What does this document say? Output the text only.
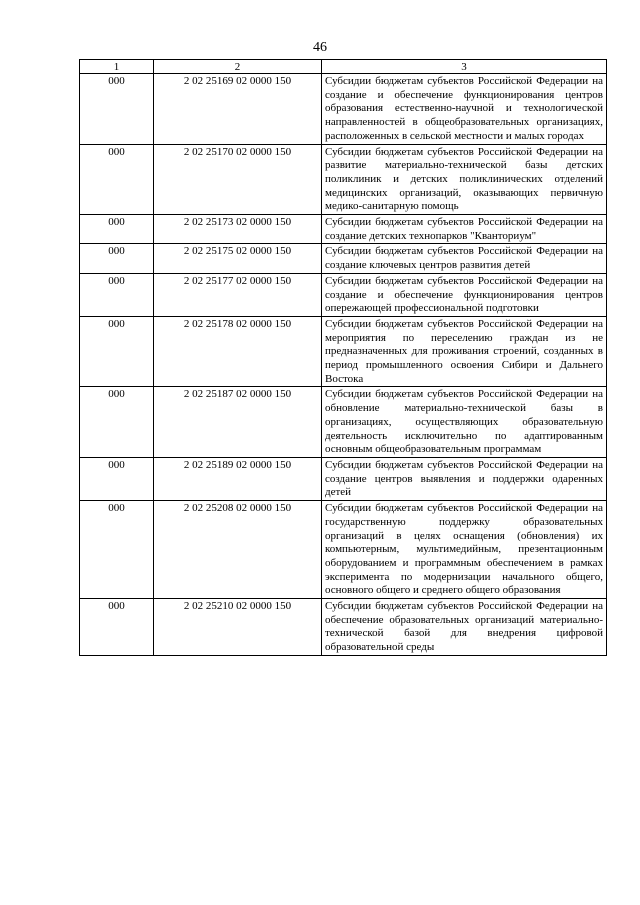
46
1	2	3
000	2 02 25169 02 0000 150	Субсидии бюджетам субъектов Российской Федерации на создание и обеспечение функционирования центров образования естественно-научной и технологической направленностей в общеобразовательных организациях, расположенных в сельской местности и малых городах
000	2 02 25170 02 0000 150	Субсидии бюджетам субъектов Российской Федерации на развитие материально-технической базы детских поликлиник и детских поликлинических отделений медицинских организаций, оказывающих первичную медико-санитарную помощь
000	2 02 25173 02 0000 150	Субсидии бюджетам субъектов Российской Федерации на создание детских технопарков "Кванториум"
000	2 02 25175 02 0000 150	Субсидии бюджетам субъектов Российской Федерации на создание ключевых центров развития детей
000	2 02 25177 02 0000 150	Субсидии бюджетам субъектов Российской Федерации на создание и обеспечение функционирования центров опережающей профессиональной подготовки
000	2 02 25178 02 0000 150	Субсидии бюджетам субъектов Российской Федерации на мероприятия по переселению граждан из не предназначенных для проживания строений, созданных в период промышленного освоения Сибири и Дальнего Востока
000	2 02 25187 02 0000 150	Субсидии бюджетам субъектов Российской Федерации на обновление материально-технической базы в организациях, осуществляющих образовательную деятельность исключительно по адаптированным основным общеобразовательным программам
000	2 02 25189 02 0000 150	Субсидии бюджетам субъектов Российской Федерации на создание центров выявления и поддержки одаренных детей
000	2 02 25208 02 0000 150	Субсидии бюджетам субъектов Российской Федерации на государственную поддержку образовательных организаций в целях оснащения (обновления) их компьютерным, мультимедийным, презентационным оборудованием и программным обеспечением в рамках эксперимента по модернизации начального общего, основного общего и среднего общего образования
000	2 02 25210 02 0000 150	Субсидии бюджетам субъектов Российской Федерации на обеспечение образовательных организаций материально-технической базой для внедрения цифровой образовательной среды
